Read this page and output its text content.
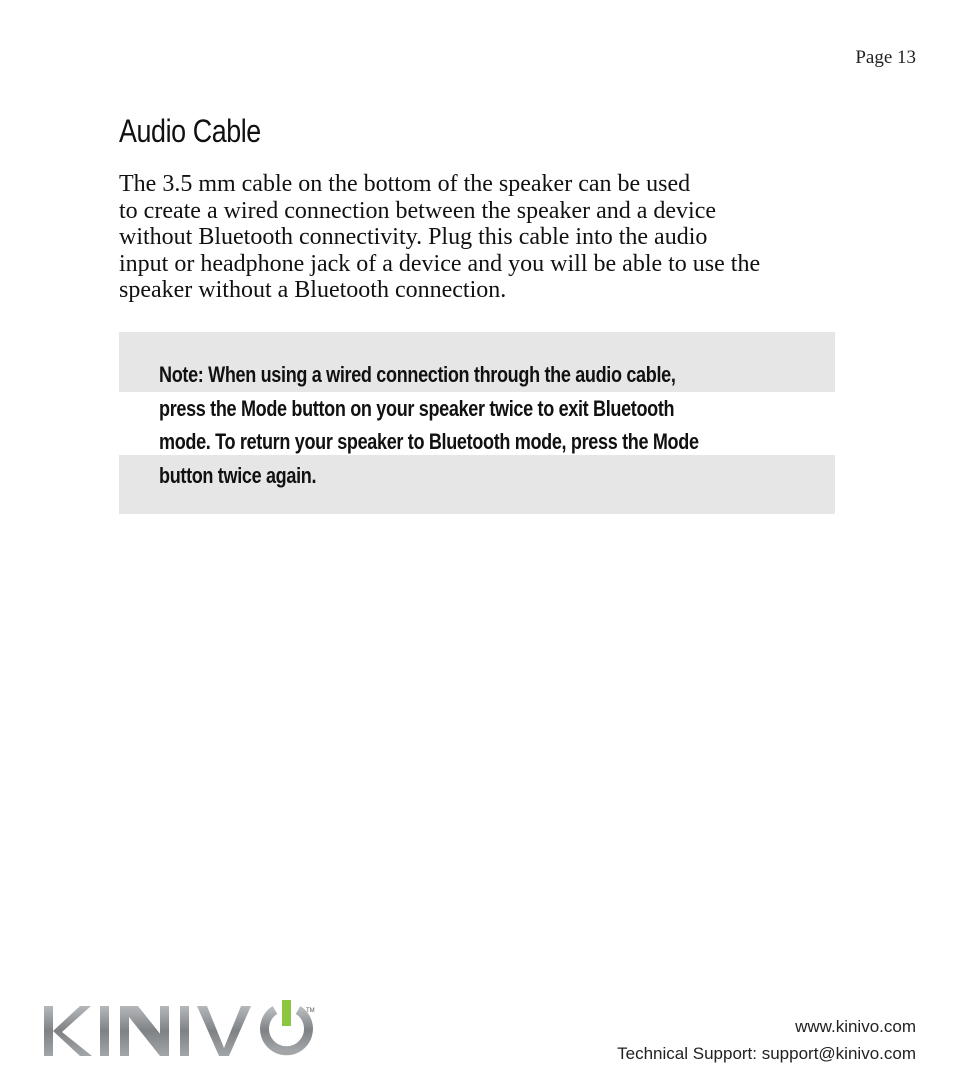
Page 13
Audio Cable

The 3.5 mm cable on the bottom of the speaker can be used
to create a wired connection between the speaker and a device
without Bluetooth connectivity. Plug this cable into the audio
input or headphone jack of a device and you will be able to use the
speaker without a Bluetooth connection.

Note: When using a wired connection through the audio cable,
press the Mode button on your speaker twice to exit Bluetooth
mode. To return your speaker to Bluetooth mode, press the Mode
button twice again.

TM
www.kinivo.com
Technical Support: support@kinivo.com
